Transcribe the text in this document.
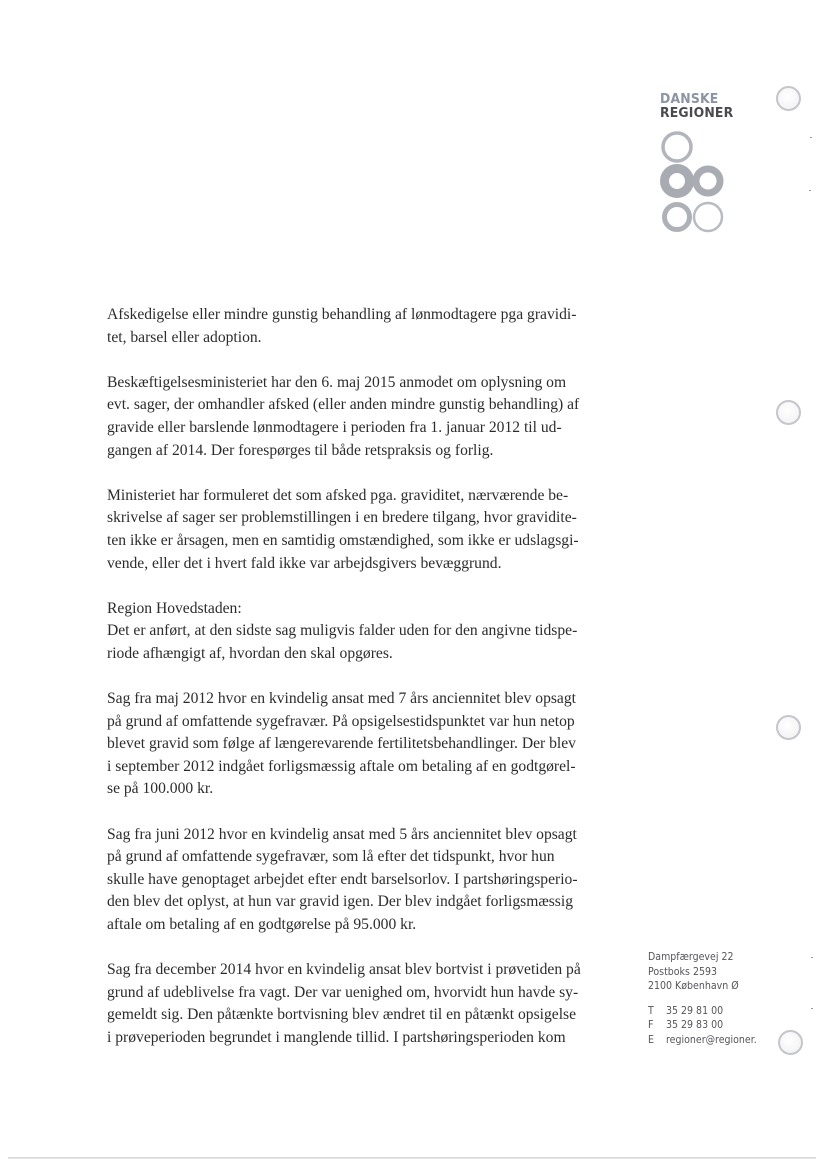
DANSKE
REGIONER

Afskedigelse eller mindre gunstig behandling af lønmodtagere pga gravidi-
tet, barsel eller adoption.

Beskæftigelsesministeriet har den 6. maj 2015 anmodet om oplysning om
evt. sager, der omhandler afsked (eller anden mindre gunstig behandling) af
gravide eller barslende lønmodtagere i perioden fra 1. januar 2012 til ud-
gangen af 2014. Der forespørges til både retspraksis og forlig.

Ministeriet har formuleret det som afsked pga. graviditet, nærværende be-
skrivelse af sager ser problemstillingen i en bredere tilgang, hvor gravidite-
ten ikke er årsagen, men en samtidig omstændighed, som ikke er udslagsgi-
vende, eller det i hvert fald ikke var arbejdsgivers bevæggrund.

Region Hovedstaden:
Det er anført, at den sidste sag muligvis falder uden for den angivne tidspe-
riode afhængigt af, hvordan den skal opgøres.

Sag fra maj 2012 hvor en kvindelig ansat med 7 års anciennitet blev opsagt
på grund af omfattende sygefravær. På opsigelsestidspunktet var hun netop
blevet gravid som følge af længerevarende fertilitetsbehandlinger. Der blev
i september 2012 indgået forligsmæssig aftale om betaling af en godtgørel-
se på 100.000 kr.

Sag fra juni 2012 hvor en kvindelig ansat med 5 års anciennitet blev opsagt
på grund af omfattende sygefravær, som lå efter det tidspunkt, hvor hun
skulle have genoptaget arbejdet efter endt barselsorlov. I partshøringsperio-
den blev det oplyst, at hun var gravid igen. Der blev indgået forligsmæssig
aftale om betaling af en godtgørelse på 95.000 kr.

Sag fra december 2014 hvor en kvindelig ansat blev bortvist i prøvetiden på
grund af udeblivelse fra vagt. Der var uenighed om, hvorvidt hun havde sy-
gemeldt sig. Den påtænkte bortvisning blev ændret til en påtænkt opsigelse
i prøveperioden begrundet i manglende tillid. I partshøringsperioden kom

Dampfærgevej 22
Postboks 2593
2100 København Ø
T	35 29 81 00
F	35 29 83 00
E	regioner@regioner.
